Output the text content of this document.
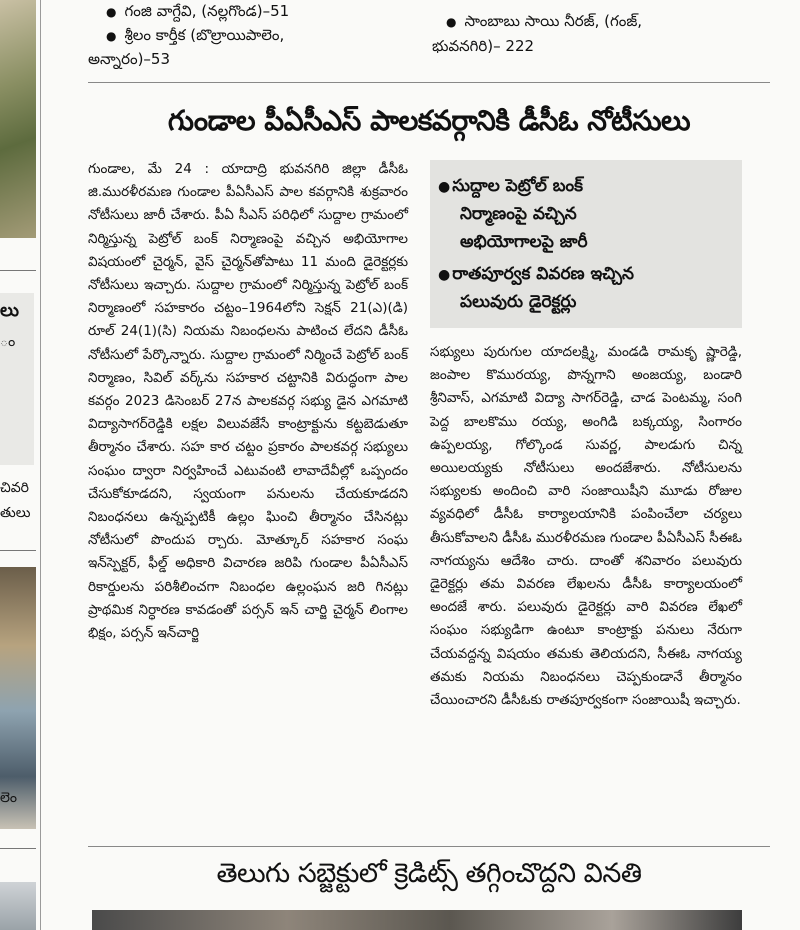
లు
ం
చివరి
తులు
లెం
● గంజి వాగ్దేవి, (నల్లగొండ)–51
● శ్రీలం కార్తీక (బొల్రాయిపాలెం,
అన్నారం)–53
● సాంబాబు సాయి నీరజ్, (గంజ్,
భువనగిరి)– 222
గుండాల పీఏసీఎస్ పాలకవర్గానికి డీసీఓ నోటీసులు

గుండాల, మే 24 : యాదాద్రి భువనగిరి జిల్లా డీసీఓ జి.మురళీరమణ గుండాల పీఏసీఎస్ పాల కవర్గానికి శుక్రవారం నోటీసులు జారీ చేశారు. పీఏ సీఎస్ పరిధిలో సుద్దాల గ్రామంలో నిర్మిస్తున్న పెట్రోల్ బంక్ నిర్మాణంపై వచ్చిన అభియోగాల విషయంలో చైర్మన్, వైస్ చైర్మన్‌తోపాటు 11 మంది డైరెక్టర్లకు నోటీసులు ఇచ్చారు. సుద్దాల గ్రామంలో నిర్మిస్తున్న పెట్రోల్ బంక్ నిర్మాణంలో సహకారం చట్టం–1964లోని సెక్షన్ 21(ఎ)(డి) రూల్ 24(1)(సి) నియమ నిబంధలను పాటించ లేదని డీసీఓ నోటీసులో పేర్కొన్నారు. సుద్దాల గ్రామంలో నిర్మించే పెట్రోల్ బంక్ నిర్మాణం, సివిల్ వర్క్‌ను సహకార చట్టానికి విరుద్ధంగా పాల కవర్గం 2023 డిసెంబర్ 27న పాలకవర్గ సభ్యు డైన ఎగమాటి విద్యాసాగర్‌రెడ్డికి లక్షల విలువజేసే కాంట్రాక్టును కట్టబెడుతూ తీర్మానం చేశారు. సహ కార చట్టం ప్రకారం పాలకవర్గ సభ్యులు సంఘం ద్వారా నిర్వహించే ఎటువంటి లావాదేవీల్లో ఒప్పందం చేసుకోకూడదని, స్వయంగా పనులను చేయకూడదని నిబంధనలు ఉన్నప్పటికీ ఉల్లం ఘించి తీర్మానం చేసినట్లు నోటీసులో పొందుప ర్చారు. మోత్కూర్ సహకార సంఘ ఇన్‌స్పెక్టర్, ఫీల్డ్ అధికారి విచారణ జరిపి గుండాల పీఏసీఎస్ రికార్డులను పరిశీలించగా నిబంధల ఉల్లంఘన జరి గినట్లు ప్రాథమిక నిర్ధారణ కావడంతో పర్సన్ ఇన్ చార్జి చైర్మన్ లింగాల భిక్షం, పర్సన్ ఇన్‌చార్జి

● సుద్దాల పెట్రోల్ బంక్
నిర్మాణంపై వచ్చిన
అభియోగాలపై జారీ
● రాతపూర్వక వివరణ ఇచ్చిన
పలువురు డైరెక్టర్లు

సభ్యులు పురుగుల యాదలక్ష్మి, మండడి రామకృ ష్ణారెడ్డి, జంపాల కొమురయ్య, పొన్నగాని అంజయ్య, బండారి శ్రీనివాస్, ఎగమాటి విద్యా సాగర్‌రెడ్డి, చాడ పెంటమ్మ, సంగి పెద్ద బాలకొము రయ్య, అంగిడి బక్కయ్య, సింగారం ఉప్పలయ్య, గోల్కొండ సువర్ణ, పాలడుగు చిన్న అయిలయ్యకు నోటీసులు అందజేశారు. నోటీసులను సభ్యులకు అందించి వారి సంజాయిషీని మూడు రోజుల వ్యవధిలో డీసీఓ కార్యాలయానికి పంపించేలా చర్యలు తీసుకోవాలని డీసీఓ మురళీరమణ గుండాల పీఏసీఎస్ సీఈఓ నాగయ్యను ఆదేశిం చారు. దాంతో శనివారం పలువురు డైరెక్టర్లు తమ వివరణ లేఖలను డీసీఓ కార్యాలయంలో అందజే శారు. పలువురు డైరెక్టర్లు వారి వివరణ లేఖలో సంఘం సభ్యుడిగా ఉంటూ కాంట్రాక్టు పనులు నేరుగా చేయవద్దన్న విషయం తమకు తెలియదని, సీఈఓ నాగయ్య తమకు నియమ నిబంధనలు చెప్పకుండానే తీర్మానం చేయించారని డీసీఓకు రాతపూర్వకంగా సంజాయిషీ ఇచ్చారు.

తెలుగు సబ్జెక్టులో క్రెడిట్స్ తగ్గించొద్దని వినతి
